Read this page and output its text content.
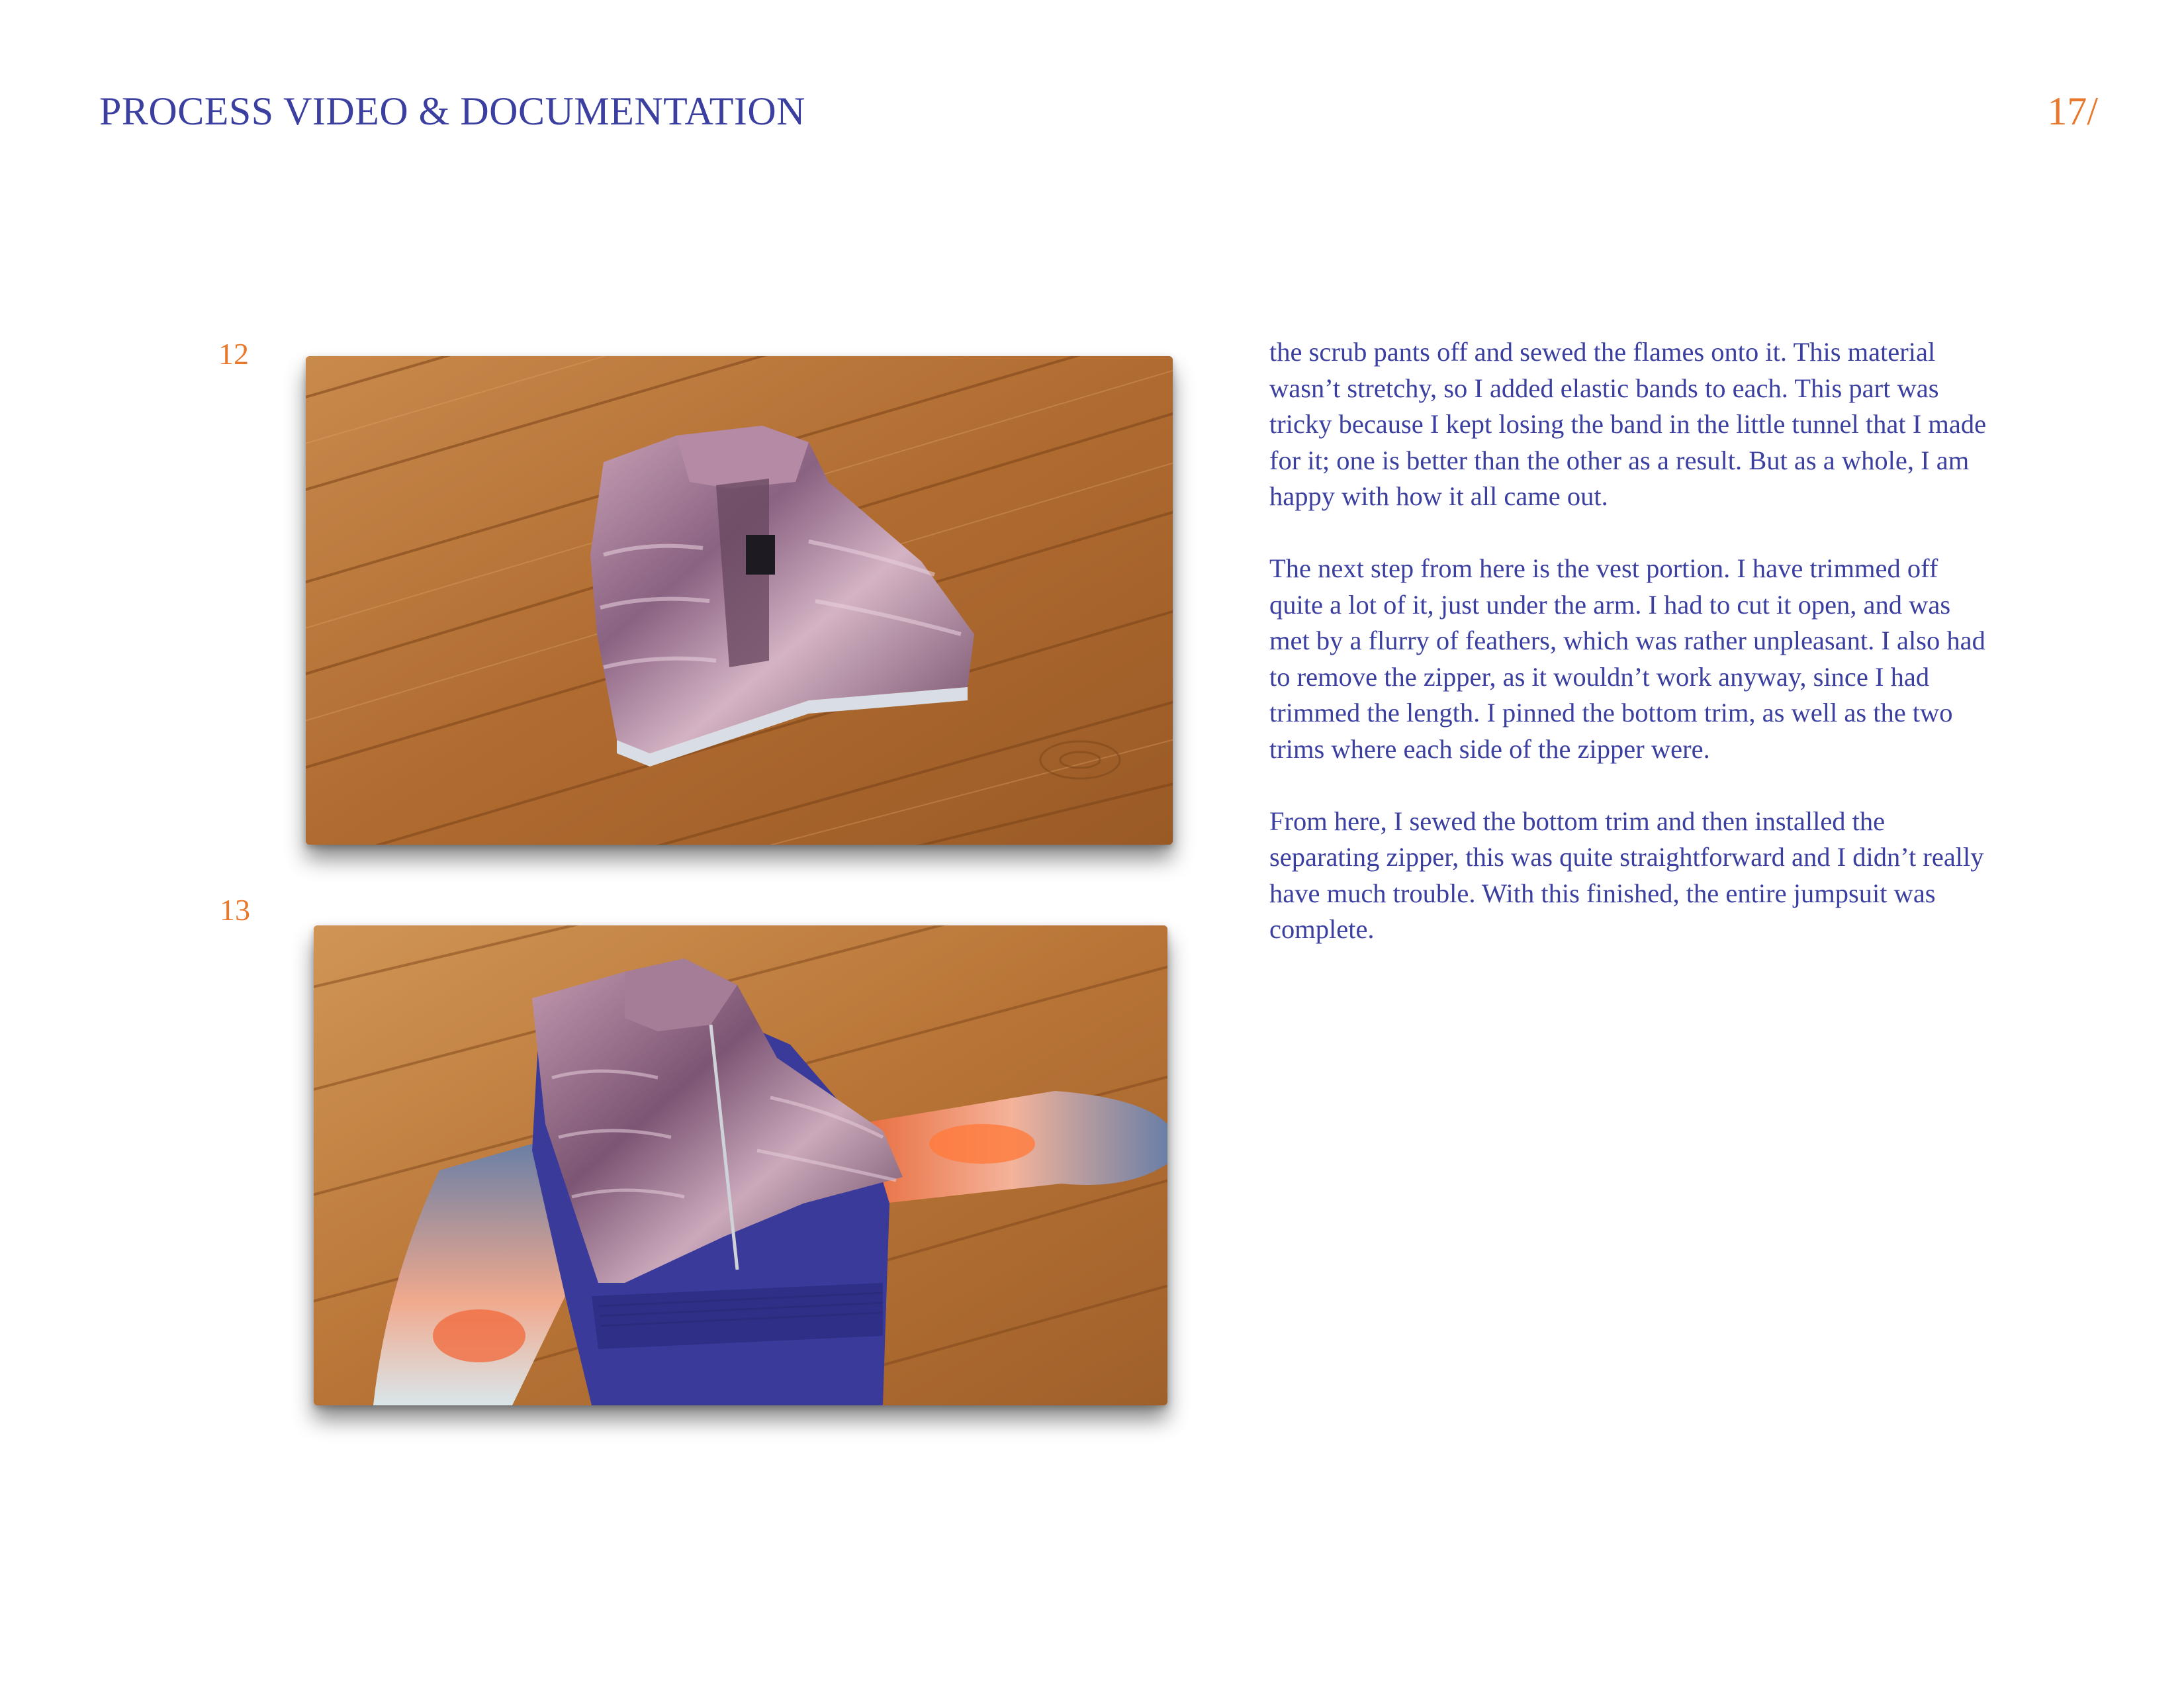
PROCESS VIDEO & DOCUMENTATION	17/
12
13

the scrub pants off and sewed the flames onto it. This material wasn’t stretchy, so I added elastic bands to each. This part was tricky because I kept losing the band in the little tunnel that I made for it; one is better than the other as a result. But as a whole, I am happy with how it all came out.

The next step from here is the vest portion. I have trimmed off quite a lot of it, just under the arm. I had to cut it open, and was met by a flurry of feathers, which was rather unpleasant. I also had to remove the zipper, as it wouldn’t work anyway, since I had trimmed the length. I pinned the bottom trim, as well as the two trims where each side of the zipper were.

From here, I sewed the bottom trim and then installed the separating zipper, this was quite straightforward and I didn’t really have much trouble. With this finished, the entire jumpsuit was complete.
